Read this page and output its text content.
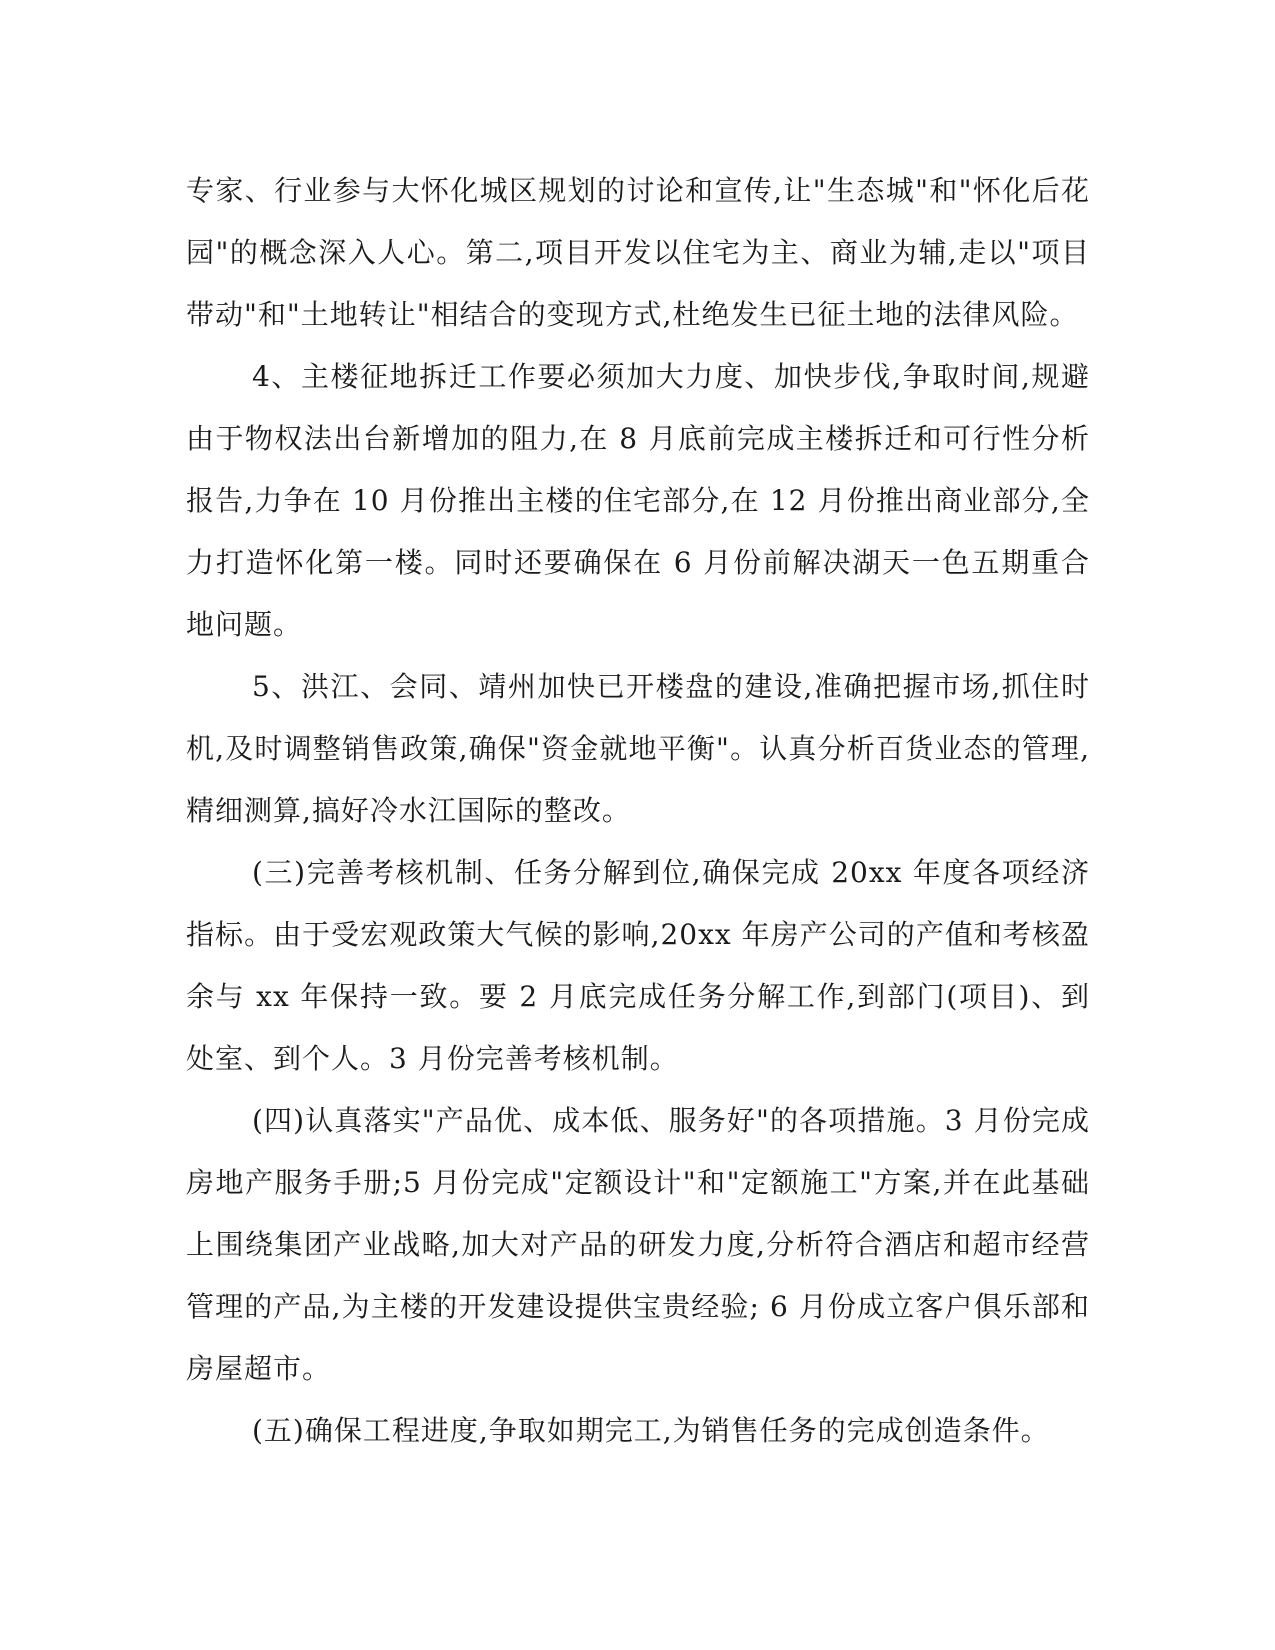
专家、行业参与大怀化城区规划的讨论和宣传,让"生态城"和"怀化后花园"的概念深入人心。第二,项目开发以住宅为主、商业为辅,走以"项目带动"和"土地转让"相结合的变现方式,杜绝发生已征土地的法律风险。

4、主楼征地拆迁工作要必须加大力度、加快步伐,争取时间,规避由于物权法出台新增加的阻力,在 8 月底前完成主楼拆迁和可行性分析报告,力争在 10 月份推出主楼的住宅部分,在 12 月份推出商业部分,全力打造怀化第一楼。同时还要确保在 6 月份前解决湖天一色五期重合地问题。

5、洪江、会同、靖州加快已开楼盘的建设,准确把握市场,抓住时机,及时调整销售政策,确保"资金就地平衡"。认真分析百货业态的管理,精细测算,搞好冷水江国际的整改。

(三)完善考核机制、任务分解到位,确保完成 20xx 年度各项经济指标。由于受宏观政策大气候的影响,20xx 年房产公司的产值和考核盈余与 xx 年保持一致。要 2 月底完成任务分解工作,到部门(项目)、到处室、到个人。3 月份完善考核机制。

(四)认真落实"产品优、成本低、服务好"的各项措施。3 月份完成房地产服务手册;5 月份完成"定额设计"和"定额施工"方案,并在此基础上围绕集团产业战略,加大对产品的研发力度,分析符合酒店和超市经营管理的产品,为主楼的开发建设提供宝贵经验; 6 月份成立客户俱乐部和房屋超市。

(五)确保工程进度,争取如期完工,为销售任务的完成创造条件。
